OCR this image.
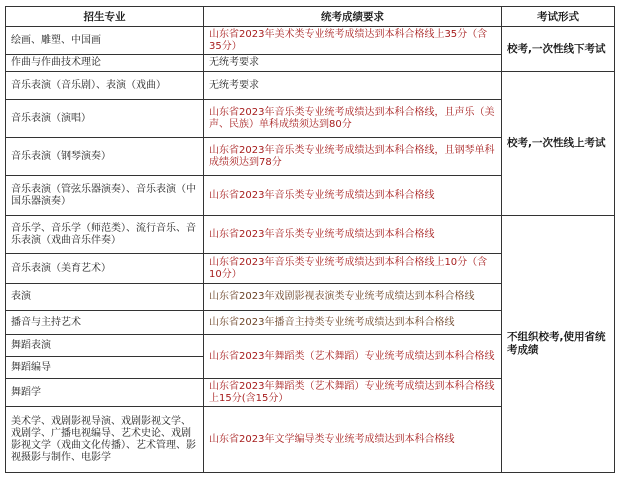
招生专业	统考成绩要求	考试形式
绘画、雕塑、中国画	山东省2023年美术类专业统考成绩达到本科合格线上35分（含35分）	校考,一次性线下考试
作曲与作曲技术理论	无统考要求	
音乐表演（音乐剧）、表演（戏曲）	无统考要求	校考,一次性线上考试
音乐表演（演唱）	山东省2023年音乐类专业统考成绩达到本科合格线，且声乐（美声、民族）单科成绩须达到80分	
音乐表演（钢琴演奏）	山东省2023年音乐类专业统考成绩达到本科合格线，且钢琴单科成绩须达到78分	
音乐表演（管弦乐器演奏）、音乐表演（中国乐器演奏）	山东省2023年音乐类专业统考成绩达到本科合格线	
音乐学、音乐学（师范类）、流行音乐、音乐表演（戏曲音乐伴奏）	山东省2023年音乐类专业统考成绩达到本科合格线	不组织校考,使用省统考成绩
音乐表演（美育艺术）	山东省2023年音乐类专业统考成绩达到本科合格线上10分（含10分）	
表演	山东省2023年戏剧影视表演类专业统考成绩达到本科合格线	
播音与主持艺术	山东省2023年播音主持类专业统考成绩达到本科合格线	
舞蹈表演	山东省2023年舞蹈类（艺术舞蹈）专业统考成绩达到本科合格线	
舞蹈编导		
舞蹈学	山东省2023年舞蹈类（艺术舞蹈）专业统考成绩达到本科合格线上15分(含15分）	
美术学、戏剧影视导演、戏剧影视文学、戏剧学、广播电视编导、艺术史论、戏剧影视文学（戏曲文化传播）、艺术管理、影视摄影与制作、电影学	山东省2023年文学编导类专业统考成绩达到本科合格线	
